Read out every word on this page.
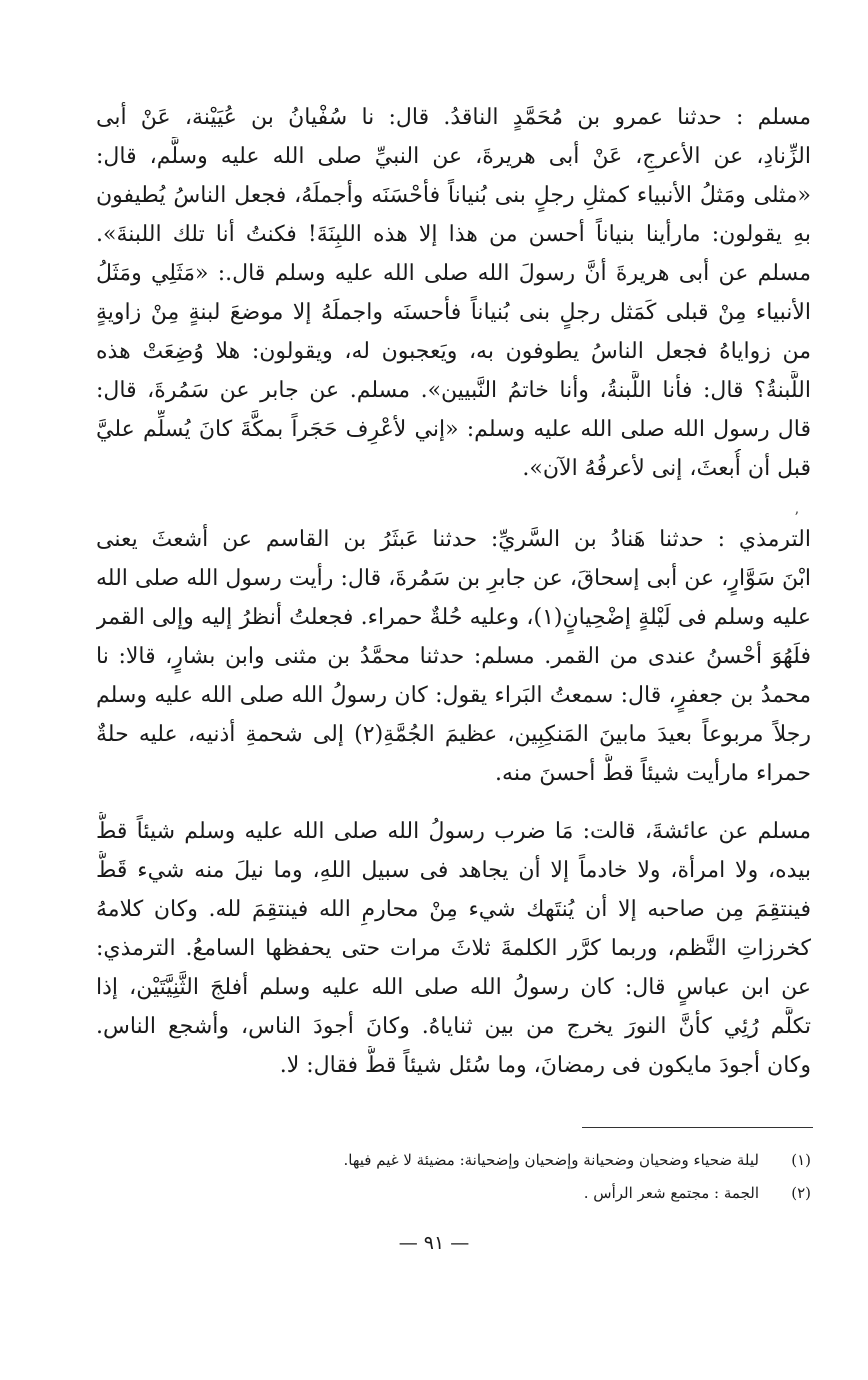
مسلم : حدثنا عمرو بن مُحَمَّدٍ الناقدُ. قال: نا سُفْيانُ بن عُيَيْنة، عَنْ أبى
الزِّنادِ، عن الأعرجِ، عَنْ أبى هريرةَ، عن النبيِّ صلى الله عليه وسلَّم، قال:
«مثلى ومَثلُ الأنبياء كمثلِ رجلٍ بنى بُنياناً فأحْسَنَه وأجملَهُ، فجعل الناسُ يُطيفون
بهِ يقولون: مارأينا بنياناً أحسن من هذا إلا هذه اللبِنَةَ! فكنتُ أنا تلك اللبنةَ».
مسلم عن أبى هريرةَ أنَّ رسولَ الله صلى الله عليه وسلم قال.: «مَثَلِي ومَثَلُ
الأنبياء مِنْ قبلى كَمَثل رجلٍ بنى بُنياناً فأحسنَه واجملَهُ إلا موضعَ لبنةٍ مِنْ زاويةٍ
من زواياهُ فجعل الناسُ يطوفون به، ويَعجبون له، ويقولون: هلا وُضِعَتْ هذه
اللَّبنةُ؟ قال: فأنا اللَّبنةُ، وأنا خاتمُ النَّبيين». مسلم. عن جابر عن سَمُرةَ، قال:
قال رسول الله صلى الله عليه وسلم: «إني لأعْرِف حَجَراً بمكَّةَ كانَ يُسلِّم عليَّ
قبل أن أُبعثَ، إنى لأعرفُهُ الآن».
ʼ
الترمذي : حدثنا هَنادُ بن السَّريِّ: حدثنا عَبثَرُ بن القاسم عن أشعثَ يعنى
ابْنَ سَوَّارٍ، عن أبى إسحاقَ، عن جابرِ بن سَمُرةَ، قال: رأيت رسول الله صلى الله
عليه وسلم فى لَيْلةٍ إضْحِيانٍ(١)، وعليه حُلةٌ حمراء. فجعلتُ أنظرُ إليه وإلى القمر
فلَهُوَ أحْسنُ عندى من القمر. مسلم: حدثنا محمَّدُ بن مثنى وابن بشارٍ، قالا: نا
محمدُ بن جعفرٍ، قال: سمعتُ البَراء يقول: كان رسولُ الله صلى الله عليه وسلم
رجلاً مربوعاً بعيدَ مابينَ المَنكِبِين، عظيمَ الجُمَّةِ(٢) إلى شحمةِ أذنيه، عليه حلةٌ
حمراء مارأيت شيئاً قطُّ أحسنَ منه.
مسلم عن عائشةَ، قالت: مَا ضرب رسولُ الله صلى الله عليه وسلم شيئاً قطُّ
بيده، ولا امرأة، ولا خادماً إلا أن يجاهد فى سبيل اللهِ، وما نيلَ منه شيء قَطُّ
فينتقِمَ مِن صاحبه إلا أن يُنتَهك شيء مِنْ محارمِ الله فينتقِمَ لله. وكان كلامهُ
كخرزاتِ النَّظم، وربما كرَّر الكلمةَ ثلاثَ مرات حتى يحفظها السامعُ. الترمذي:
عن ابن عباسٍ قال: كان رسولُ الله صلى الله عليه وسلم أفلجَ الثَّنِيَّتَيْن، إذا
تكلَّم رُئِي كأنَّ النورَ يخرج من بين ثناياهُ. وكانَ أجودَ الناس، وأشجع الناس.
وكان أجودَ مايكون فى رمضانَ، وما سُئل شيئاً قطُّ فقال: لا.
(١)ليلة ضحياء وضحيان وضحيانة وإضحيان وإضحيانة: مضيئة لا غيم فيها.
(٢)الجمة : مجتمع شعر الرأس .
— ٩١ —
